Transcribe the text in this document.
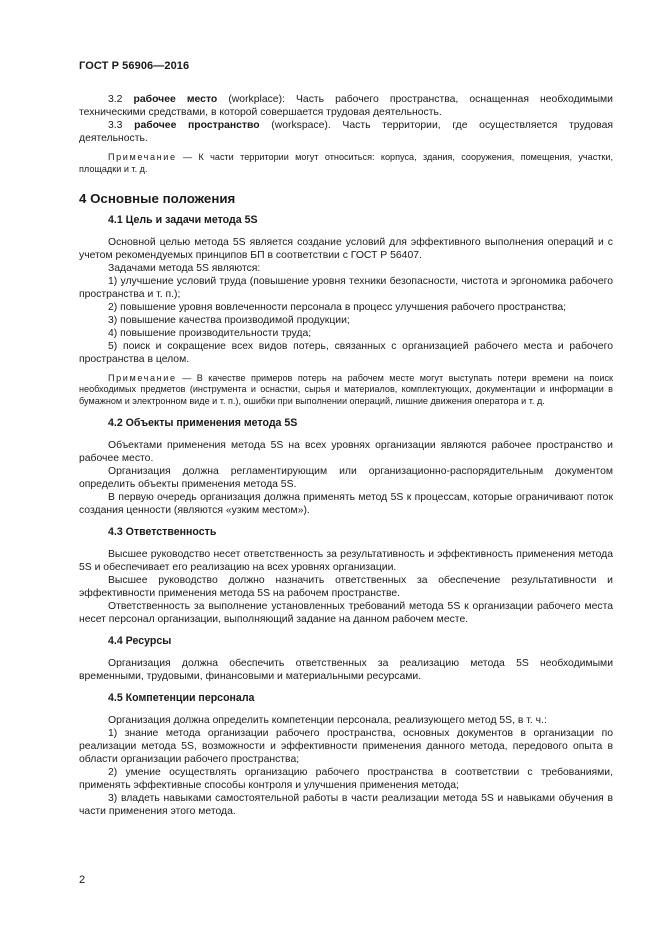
ГОСТ Р 56906—2016

3.2 рабочее место (workplace): Часть рабочего пространства, оснащенная необходимыми техническими средствами, в которой совершается трудовая деятельность.

3.3 рабочее пространство (workspace). Часть территории, где осуществляется трудовая деятельность.

Примечание — К части территории могут относиться: корпуса, здания, сооружения, помещения, участки, площадки и т. д.

4 Основные положения
4.1 Цель и задачи метода 5S

Основной целью метода 5S является создание условий для эффективного выполнения операций и с учетом рекомендуемых принципов БП в соответствии с ГОСТ Р 56407.

Задачами метода 5S являются:

1) улучшение условий труда (повышение уровня техники безопасности, чистота и эргономика рабочего пространства и т. п.);

2) повышение уровня вовлеченности персонала в процесс улучшения рабочего пространства;

3) повышение качества производимой продукции;

4) повышение производительности труда;

5) поиск и сокращение всех видов потерь, связанных с организацией рабочего места и рабочего пространства в целом.

Примечание — В качестве примеров потерь на рабочем месте могут выступать потери времени на поиск необходимых предметов (инструмента и оснастки, сырья и материалов, комплектующих, документации и информации в бумажном и электронном виде и т. п.), ошибки при выполнении операций, лишние движения оператора и т. д.

4.2 Объекты применения метода 5S

Объектами применения метода 5S на всех уровнях организации являются рабочее пространство и рабочее место.

Организация должна регламентирующим или организационно-распорядительным документом определить объекты применения метода 5S.

В первую очередь организация должна применять метод 5S к процессам, которые ограничивают поток создания ценности (являются «узким местом»).

4.3 Ответственность

Высшее руководство несет ответственность за результативность и эффективность применения метода 5S и обеспечивает его реализацию на всех уровнях организации.

Высшее руководство должно назначить ответственных за обеспечение результативности и эффективности применения метода 5S на рабочем пространстве.

Ответственность за выполнение установленных требований метода 5S к организации рабочего места несет персонал организации, выполняющий задание на данном рабочем месте.

4.4 Ресурсы

Организация должна обеспечить ответственных за реализацию метода 5S необходимыми временными, трудовыми, финансовыми и материальными ресурсами.

4.5 Компетенции персонала

Организация должна определить компетенции персонала, реализующего метод 5S, в т. ч.:

1) знание метода организации рабочего пространства, основных документов в организации по реализации метода 5S, возможности и эффективности применения данного метода, передового опыта в области организации рабочего пространства;

2) умение осуществлять организацию рабочего пространства в соответствии с требованиями, применять эффективные способы контроля и улучшения применения метода;

3) владеть навыками самостоятельной работы в части реализации метода 5S и навыками обучения в части применения этого метода.

2
